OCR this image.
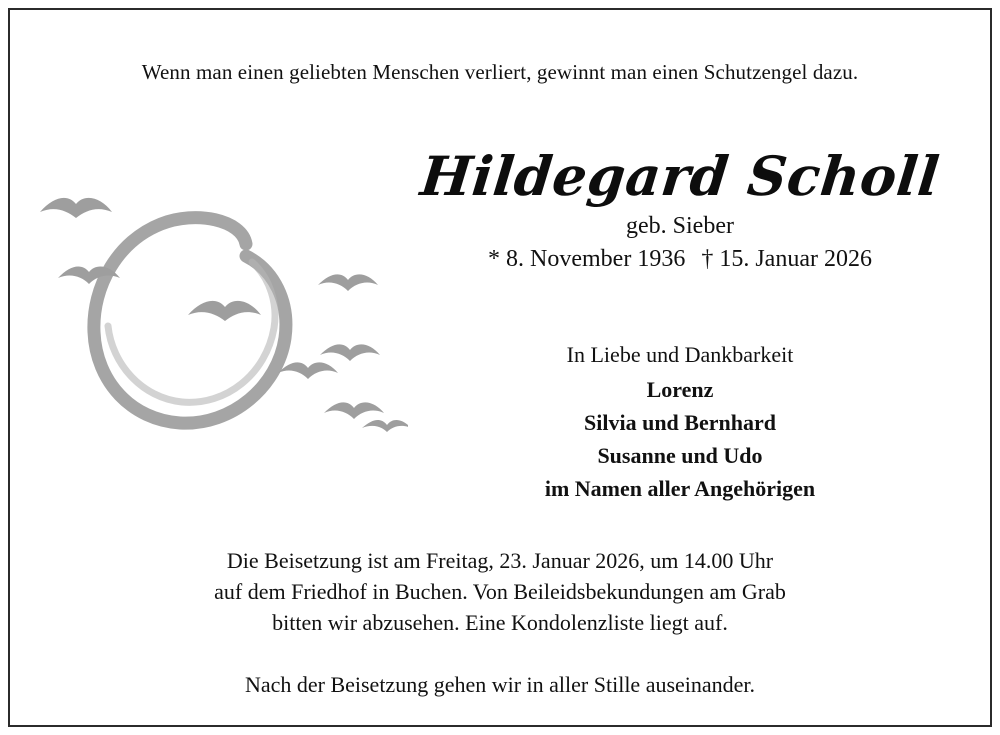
Wenn man einen geliebten Menschen verliert, gewinnt man einen Schutzengel dazu.
Hildegard Scholl
geb. Sieber
* 8. November 1936 † 15. Januar 2026
In Liebe und Dankbarkeit
Lorenz
Silvia und Bernhard
Susanne und Udo
im Namen aller Angehörigen
Die Beisetzung ist am Freitag, 23. Januar 2026, um 14.00 Uhr
auf dem Friedhof in Buchen. Von Beileidsbekundungen am Grab
bitten wir abzusehen. Eine Kondolenzliste liegt auf.
Nach der Beisetzung gehen wir in aller Stille auseinander.
